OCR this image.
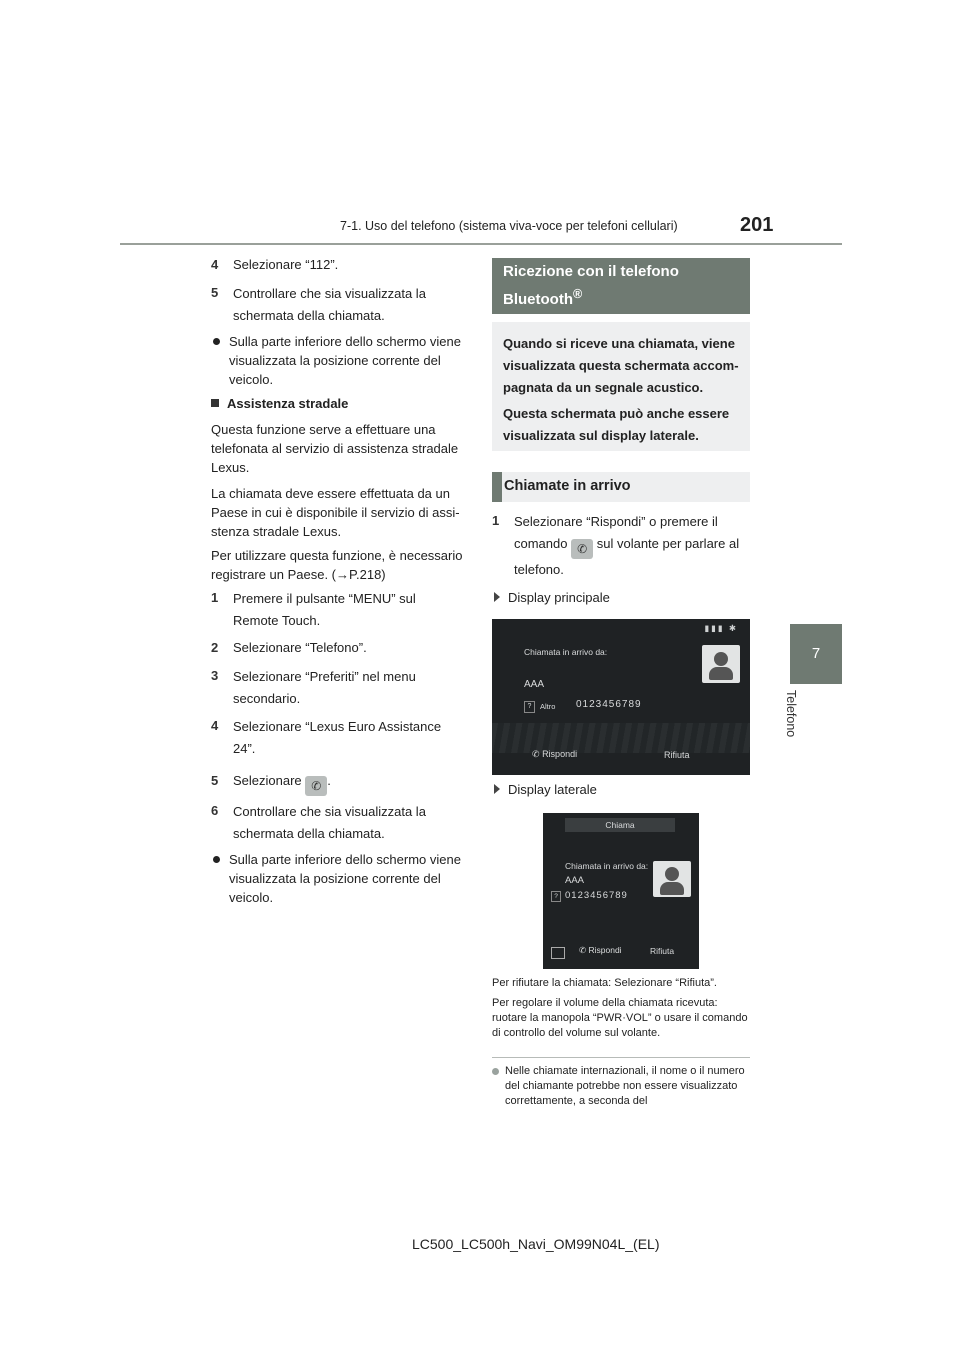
7-1. Uso del telefono (sistema viva-voce per telefoni cellulari)	201
7
Telefono
4 Selezionare “112”.
5 Controllare che sia visualizzata la schermata della chiamata.
Sulla parte inferiore dello schermo viene visualizzata la posizione corrente del veicolo.
Assistenza stradale
Questa funzione serve a effettuare una telefonata al servizio di assistenza stradale Lexus.
La chiamata deve essere effettuata da un Paese in cui è disponibile il servizio di assi-stenza stradale Lexus.
Per utilizzare questa funzione, è necessario registrare un Paese. (→P.218)
1 Premere il pulsante “MENU” sul Remote Touch.
2 Selezionare “Telefono”.
3 Selezionare “Preferiti” nel menu secondario.
4 Selezionare “Lexus Euro Assistance 24”.
5 Selezionare ✆ .
6 Controllare che sia visualizzata la schermata della chiamata.
Sulla parte inferiore dello schermo viene visualizzata la posizione corrente del veicolo.
Ricezione con il telefono
Bluetooth®
Quando si riceve una chiamata, viene visualizzata questa schermata accom-pagnata da un segnale acustico.
Questa schermata può anche essere visualizzata sul display laterale.
Chiamate in arrivo
1 Selezionare “Rispondi” o premere il
comando ✆ sul volante per parlare al telefono.
Display principale
▮▮▮ ✱
Chiamata in arrivo da:
AAA
?	Altro 0123456789
✆ Rispondi	Rifiuta
Display laterale
Chiama
Chiamata in arrivo da:
AAA
? 0123456789
✆ Rispondi	Rifiuta
Per rifiutare la chiamata: Selezionare “Rifiuta”.
Per regolare il volume della chiamata ricevuta: ruotare la manopola “PWR·VOL” o usare il comando di controllo del volume sul volante.
Nelle chiamate internazionali, il nome o il numero del chiamante potrebbe non essere visualizzato correttamente, a seconda del
LC500_LC500h_Navi_OM99N04L_(EL)
